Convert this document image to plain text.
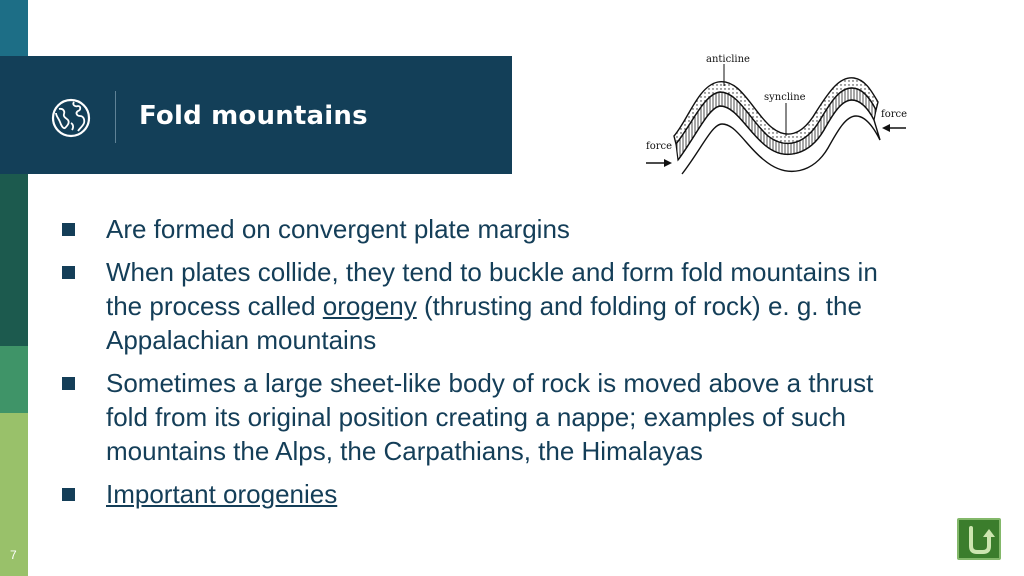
7
Fold mountains
anticline
syncline
force
force
Are formed on convergent plate margins
When plates collide, they tend to buckle and form fold mountains in the process called orogeny (thrusting and folding of rock) e. g. the Appalachian mountains
Sometimes a large sheet-like body of rock is moved above a thrust fold from its original position creating a nappe; examples of such mountains the Alps, the Carpathians, the Himalayas
Important orogenies
